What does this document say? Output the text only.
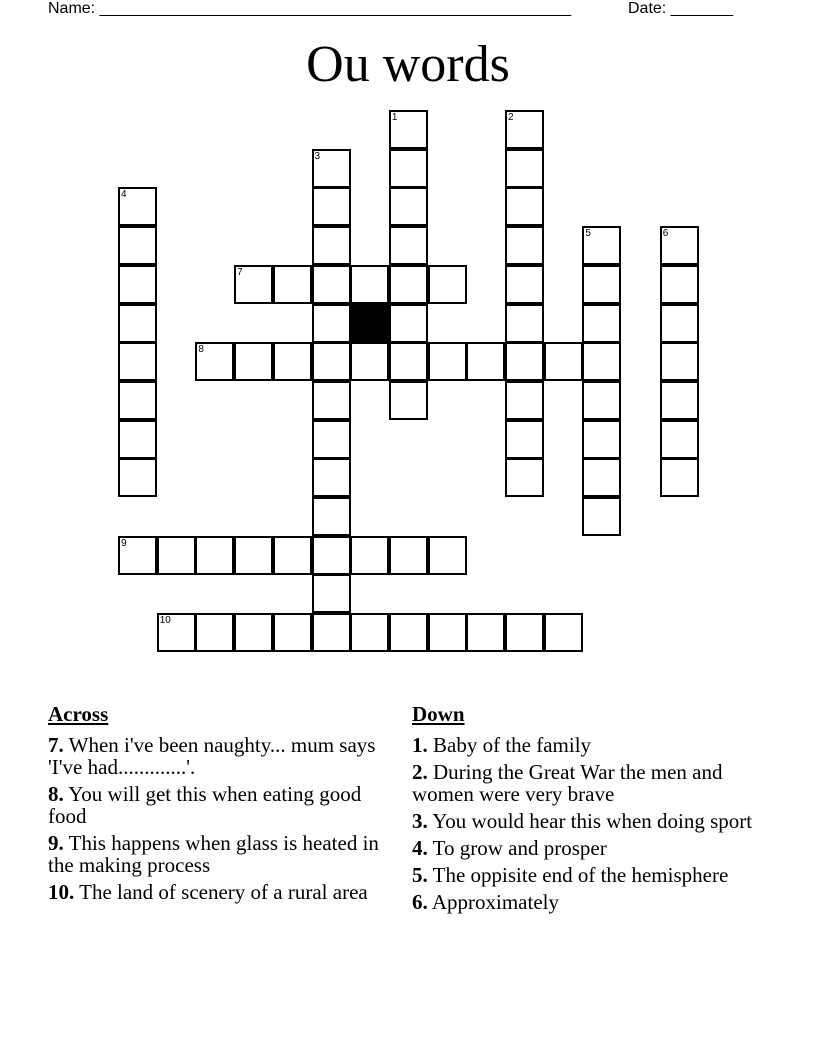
Name: _____________________________________________________	Date: _______
Ou words
1	2
3
4
5	6
7
8
9
10
Across
7. When i've been naughty... mum says 'I've had.............'.
8. You will get this when eating good food
9. This happens when glass is heated in the making process
10. The land of scenery of a rural area
Down
1. Baby of the family
2. During the Great War the men and women were very brave
3. You would hear this when doing sport
4. To grow and prosper
5. The oppisite end of the hemisphere
6. Approximately
